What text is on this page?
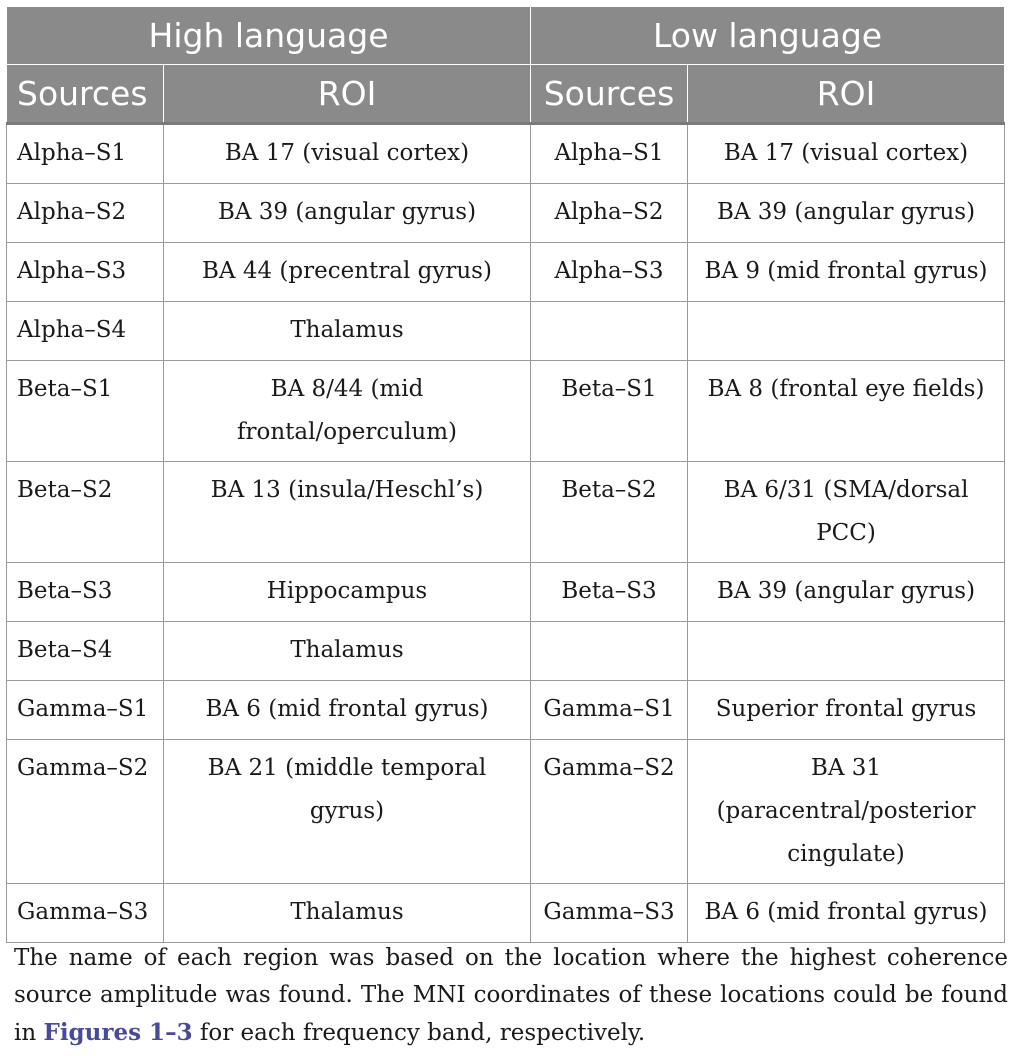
High language		Low language	
Sources	ROI	Sources	ROI

Alpha–S1	BA 17 (visual cortex)	Alpha–S1	BA 17 (visual cortex)

Alpha–S2	BA 39 (angular gyrus)	Alpha–S2	BA 39 (angular gyrus)

Alpha–S3	BA 44 (precentral gyrus)	Alpha–S3	BA 9 (mid frontal gyrus)

Alpha–S4	Thalamus		

Beta–S1	BA 8/44 (mid frontal/operculum)	Beta–S1	BA 8 (frontal eye fields)

Beta–S2	BA 13 (insula/Heschl’s)	Beta–S2	BA 6/31 (SMA/dorsal PCC)

Beta–S3	Hippocampus	Beta–S3	BA 39 (angular gyrus)

Beta–S4	Thalamus		

Gamma–S1	BA 6 (mid frontal gyrus)	Gamma–S1	Superior frontal gyrus

Gamma–S2	BA 21 (middle temporal gyrus)	Gamma–S2	BA 31 (paracentral/posterior cingulate)

Gamma–S3	Thalamus	Gamma–S3	BA 6 (mid frontal gyrus)
The name of each region was based on the location where the highest coherence source amplitude was found. The MNI coordinates of these locations could be found in Figures 1–3 for each frequency band, respectively.
